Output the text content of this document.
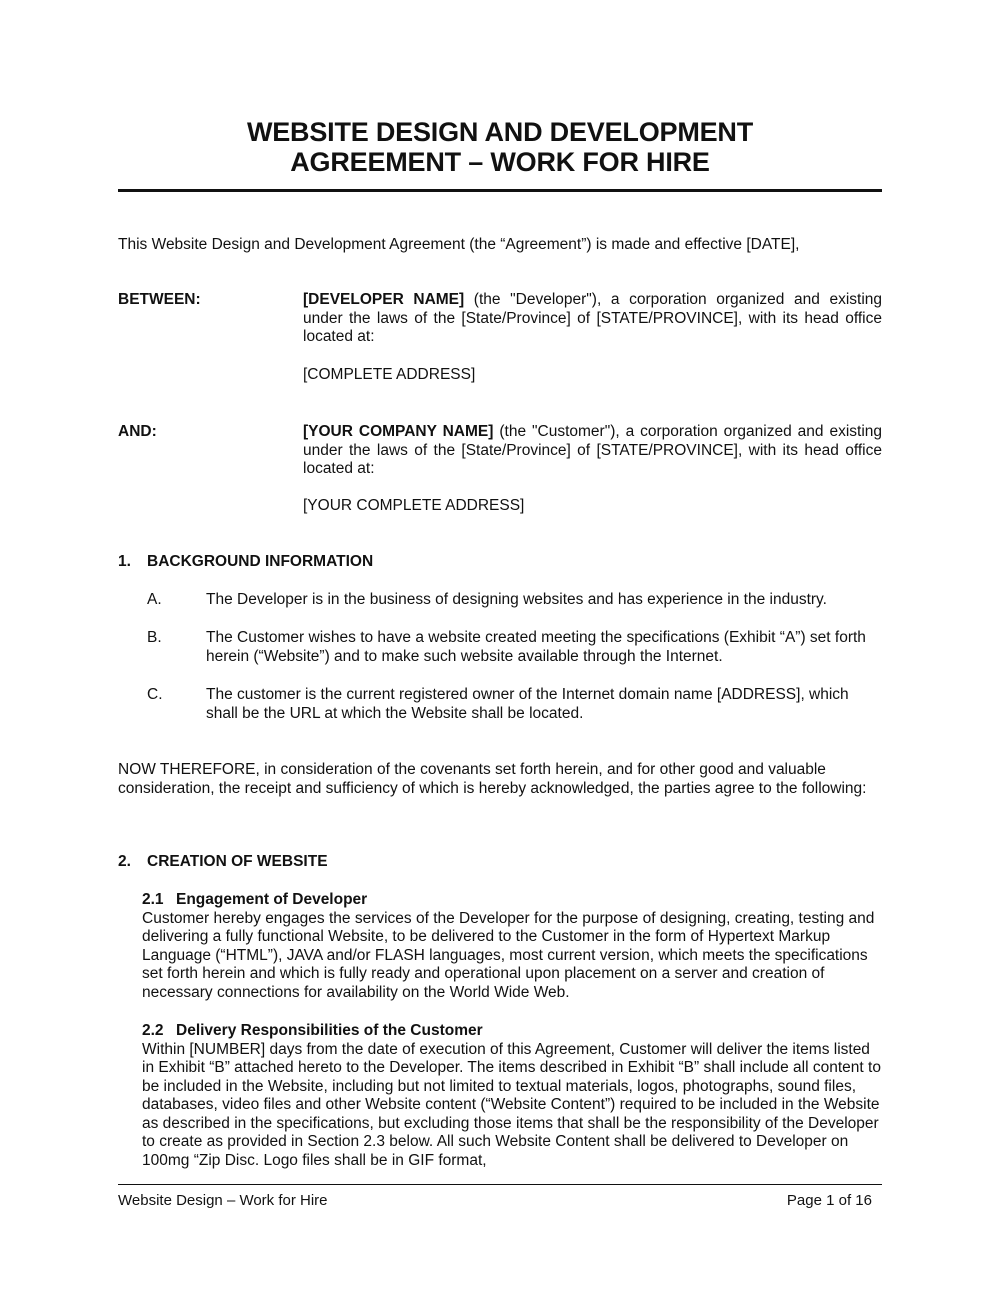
WEBSITE DESIGN AND DEVELOPMENT
AGREEMENT – WORK FOR HIRE
This Website Design and Development Agreement (the “Agreement”) is made and effective [DATE],
BETWEEN:	[DEVELOPER NAME] (the "Developer"), a corporation organized and existing under the laws of the [State/Province] of [STATE/PROVINCE], with its head office located at:
[COMPLETE ADDRESS]
AND:	[YOUR COMPANY NAME] (the "Customer"), a corporation organized and existing under the laws of the [State/Province] of [STATE/PROVINCE], with its head office located at:
[YOUR COMPLETE ADDRESS]
1. BACKGROUND INFORMATION
A.	The Developer is in the business of designing websites and has experience in the industry.
B.	The Customer wishes to have a website created meeting the specifications (Exhibit “A”) set forth herein (“Website”) and to make such website available through the Internet.
C.	The customer is the current registered owner of the Internet domain name [ADDRESS], which shall be the URL at which the Website shall be located.
NOW THEREFORE, in consideration of the covenants set forth herein, and for other good and valuable consideration, the receipt and sufficiency of which is hereby acknowledged, the parties agree to the following:
2. CREATION OF WEBSITE
2.1 Engagement of Developer
Customer hereby engages the services of the Developer for the purpose of designing, creating, testing and delivering a fully functional Website, to be delivered to the Customer in the form of Hypertext Markup Language (“HTML”), JAVA and/or FLASH languages, most current version, which meets the specifications set forth herein and which is fully ready and operational upon placement on a server and creation of necessary connections for availability on the World Wide Web.
2.2 Delivery Responsibilities of the Customer
Within [NUMBER] days from the date of execution of this Agreement, Customer will deliver the items listed in Exhibit “B” attached hereto to the Developer. The items described in Exhibit “B” shall include all content to be included in the Website, including but not limited to textual materials, logos, photographs, sound files, databases, video files and other Website content (“Website Content”) required to be included in the Website as described in the specifications, but excluding those items that shall be the responsibility of the Developer to create as provided in Section 2.3 below. All such Website Content shall be delivered to Developer on 100mg “Zip Disc. Logo files shall be in GIF format,
Website Design – Work for Hire	Page 1 of 16
